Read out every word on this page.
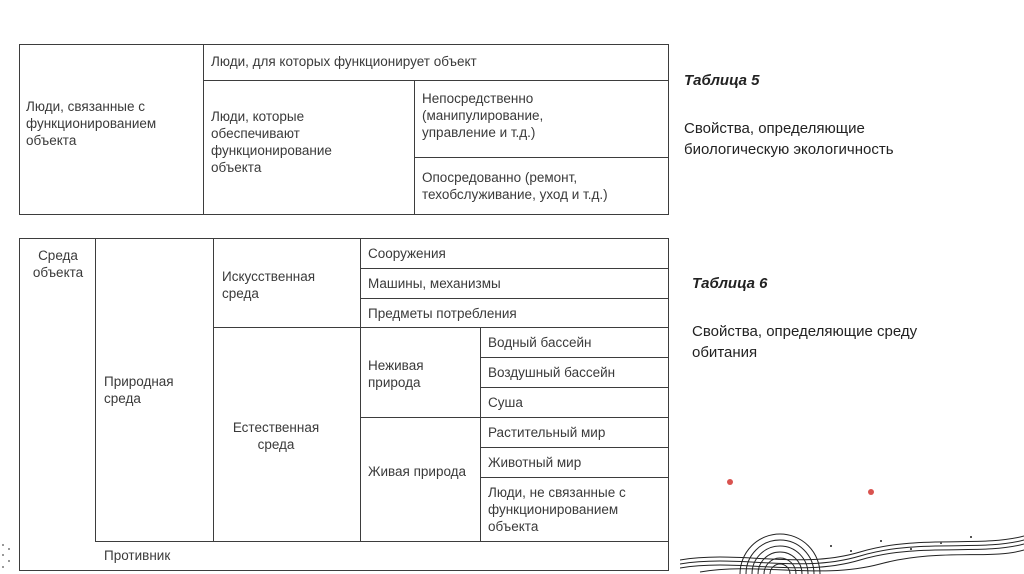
Люди, связанные с функционированием объекта
Люди, для которых функционирует объект
Люди, которые обеспечивают функционирование объекта
Непосредственно (манипулирование, управление и т.д.)
Опосредованно (ремонт, техобслуживание, уход и т.д.)
Среда объекта
Природная среда
Искусственная среда
Естественная среда
Неживая природа
Живая природа
Сооружения
Машины, механизмы
Предметы потребления
Водный бассейн
Воздушный бассейн
Суша
Растительный мир
Животный мир
Люди, не связанные с функционированием объекта
Противник
Таблица 5
Свойства, определяющие биологическую экологичность
Таблица 6
Свойства, определяющие среду обитания
